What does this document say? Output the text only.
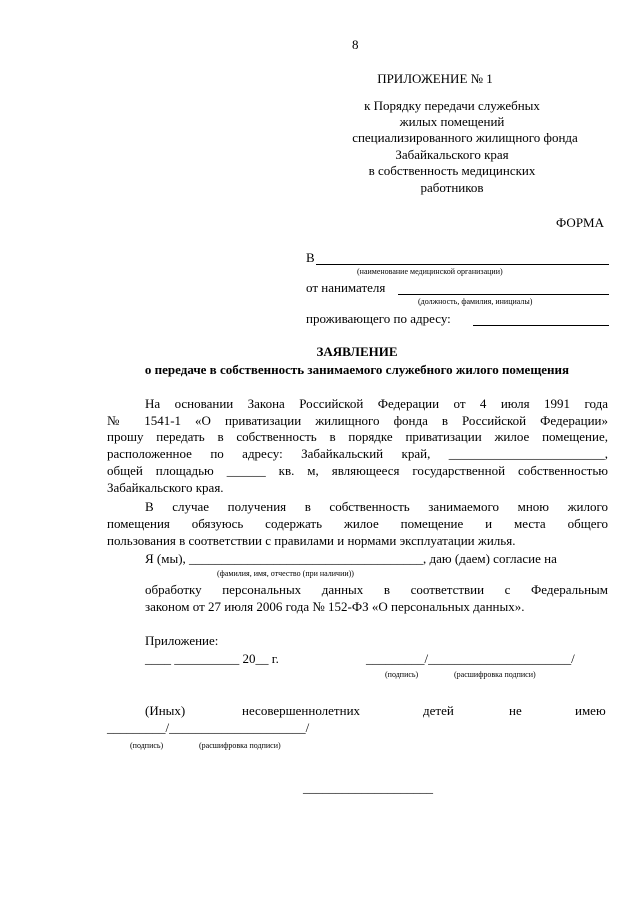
8
ПРИЛОЖЕНИЕ № 1
к Порядку передачи служебных
жилых помещений
специализированного жилищного фонда
Забайкальского края
в собственность медицинских
работников
ФОРМА
В
(наименование медицинской организации)
от нанимателя
(должность, фамилия, инициалы)
проживающего по адресу:
ЗАЯВЛЕНИЕ
о передаче в собственность занимаемого служебного жилого помещения
На основании Закона Российской Федерации от 4 июля 1991 года
№ 1541-1 «О приватизации жилищного фонда в Российской Федерации»
прошу передать в собственность в порядке приватизации жилое помещение,
расположенное по адресу: Забайкальский край, ________________________,
общей площадью ______ кв. м, являющееся государственной собственностью
Забайкальского края.
В случае получения в собственность занимаемого мною жилого
помещения обязуюсь содержать жилое помещение и места общего
пользования в соответствии с правилами и нормами эксплуатации жилья.
Я (мы), ____________________________________, даю (даем) согласие на
(фамилия, имя, отчество (при наличии))
обработку персональных данных в соответствии с Федеральным
законом от 27 июля 2006 года № 152-ФЗ «О персональных данных».
Приложение:
____ __________ 20__ г.	_________/______________________/
(подпись)	(расшифровка подписи)
(Иных)	несовершеннолетних	детей	не	имею
_________/_____________________/
(подпись)	(расшифровка подписи)
____________________
